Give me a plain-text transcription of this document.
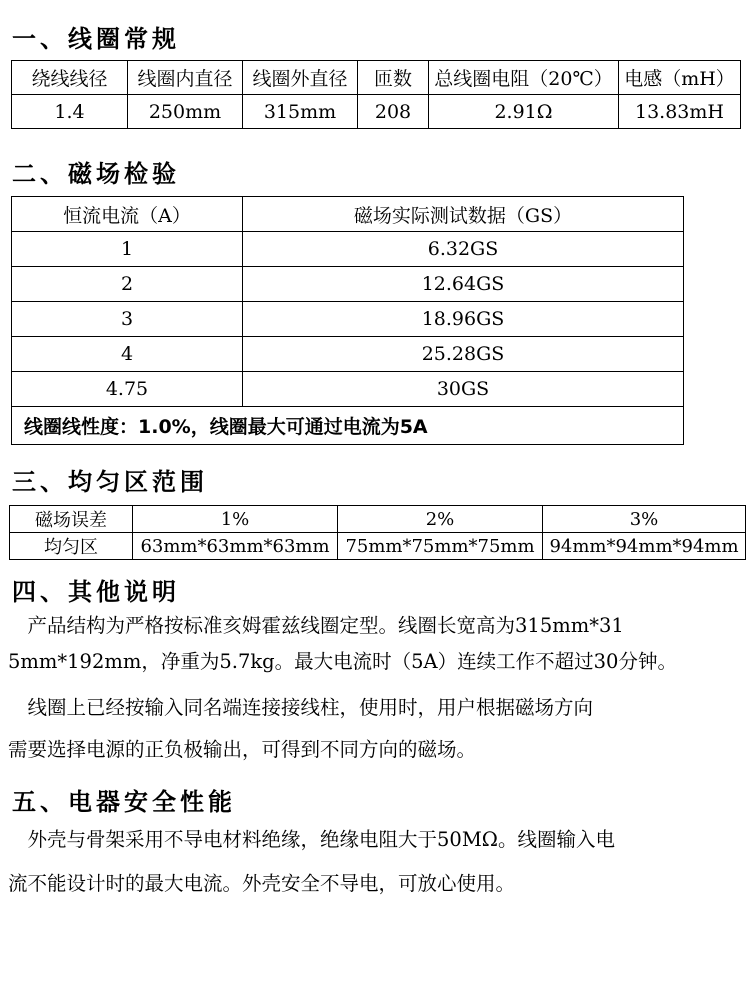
一、线圈常规
绕线线径	线圈内直径	线圈外直径	匝数	总线圈电阻（20℃）	电感（mH）
1.4	250mm	315mm	208	2.91Ω	13.83mH
二、磁场检验
恒流电流（A）	磁场实际测试数据（GS）
1	6.32GS
2	12.64GS
3	18.96GS
4	25.28GS
4.75	30GS
线圈线性度：1.0%，线圈最大可通过电流为5A	
三、均匀区范围
磁场误差	1%	2%	3%
均匀区	63mm*63mm*63mm	75mm*75mm*75mm	94mm*94mm*94mm
四、其他说明
　产品结构为严格按标准亥姆霍兹线圈定型。线圈长宽高为315mm*31
5mm*192mm，净重为5.7kg。最大电流时（5A）连续工作不超过30分钟。
　线圈上已经按输入同名端连接接线柱，使用时，用户根据磁场方向
需要选择电源的正负极输出，可得到不同方向的磁场。
五、电器安全性能
　外壳与骨架采用不导电材料绝缘，绝缘电阻大于50MΩ。线圈输入电
流不能设计时的最大电流。外壳安全不导电，可放心使用。
